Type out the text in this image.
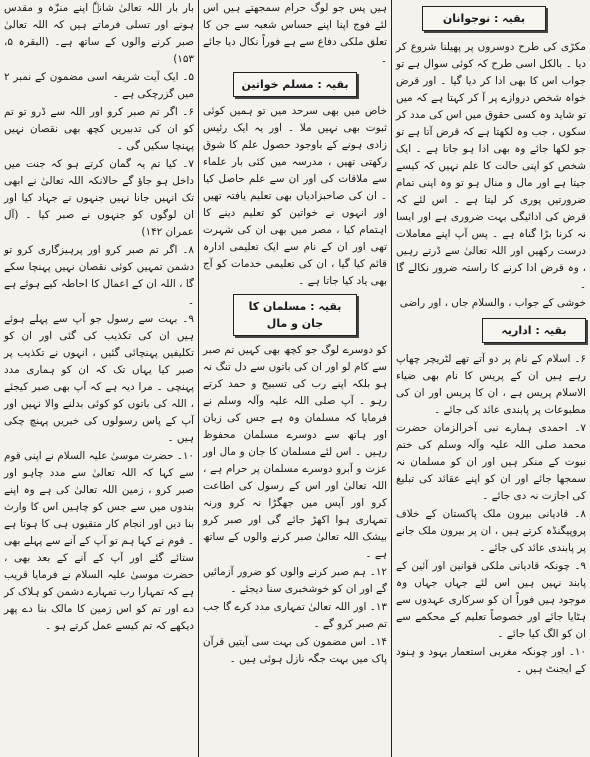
بار بار اللہ تعالیٰ شانہٗ اپنے منزّہ و مقدس ہونے اور تسلی فرماتے ہیں کہ اللہ تعالیٰ صبر کرنے والوں کے ساتھ ہے۔ (البقرہ ۵، ۱۵۳)

۵۔ ایک آیت شریفہ اسی مضمون کے نمبر ۲ میں گزرچکی ہے ۔

۶۔ اگر تم صبر کرو اور اللہ سے ڈرو تو تم کو ان کی تدبیریں کچھ بھی نقصان نہیں پہنچا سکیں گی ۔

۷۔ کیا تم یہ گمان کرتے ہو کہ جنت میں داخل ہو جاؤ گے حالانکہ اللہ تعالیٰ نے ابھی تک انہیں جانا نہیں جنہوں نے جہاد کیا اور ان لوگوں کو جنہوں نے صبر کیا ۔ (آل عمران ۱۴۲)

۸۔ اگر تم صبر کرو اور پرہیزگاری کرو تو دشمن تمہیں کوئی نقصان نہیں پہنچا سکے گا ، اللہ ان کے اعمال کا احاطہ کیے ہوئے ہے ۔

۹۔ بہت سے رسول جو آپ سے پہلے ہوئے ہیں ان کی تکذیب کی گئی اور ان کو تکلیفیں پہنچائی گئیں ، انہوں نے تکذیب پر صبر کیا یہاں تک کہ ان کو ہماری مدد پہنچی ۔ مرا دیہ ہے کہ آپ بھی صبر کیجئے ، اللہ کی باتوں کو کوئی بدلنے والا نہیں اور آپ کے پاس رسولوں کی خبریں پہنچ چکی ہیں ۔

۱۰۔ حضرت موسیٰ علیہ السلام نے اپنی قوم سے کہا کہ اللہ تعالیٰ سے مدد چاہو اور صبر کرو ، زمین اللہ تعالیٰ کی ہے وہ اپنے بندوں میں سے جس کو چاہیں اس کا وارث بنا دیں اور انجام کار متقیوں ہی کا ہوتا ہے ۔ قوم نے کہا ہم تو آپ کے آنے سے پہلے بھی ستائے گئے اور آپ کے آنے کے بعد بھی ، حضرت موسیٰ علیہ السلام نے فرمایا قریب ہے کہ تمہارا رب تمہارے دشمن کو ہلاک کر دے اور تم کو اس زمین کا مالک بنا دے پھر دیکھے کہ تم کیسے عمل کرتے ہو ۔

ہیں پس جو لوگ حرام سمجھتے ہیں اس لئے فوج اپنا اپنے حساس شعبہ سے جن کا تعلق ملکی دفاع سے ہے فوراً نکال دیا جائے ۔

بقیہ : مسلم خواتین

خاص میں بھی سرحد میں تو ہمیں کوئی ثبوت بھی نہیں ملا ۔ اور یہ ایک رئیس زادی ہونے کے باوجود حصول علم کا شوق رکھتی تھیں ، مدرسہ میں کئی بار علماء سے ملاقات کی اور ان سے علم حاصل کیا ۔ ان کی صاحبزادیاں بھی تعلیم یافتہ تھیں اور انہوں نے خواتین کو تعلیم دینے کا اہتمام کیا ، مصر میں بھی ان کی شہرت تھی اور ان کے نام سے ایک تعلیمی ادارہ قائم کیا گیا ، ان کی تعلیمی خدمات کو آج بھی یاد کیا جاتا ہے ۔

بقیہ : مسلمان کا جان و مال

کو دوسرے لوگ جو کچھ بھی کہیں تم صبر سے کام لو اور ان کی باتوں سے دل تنگ نہ ہو بلکہ اپنے رب کی تسبیح و حمد کرتے رہو ۔ آپ صلی اللہ علیہ وآلہ وسلم نے فرمایا کہ مسلمان وہ ہے جس کی زبان اور ہاتھ سے دوسرے مسلمان محفوظ رہیں ۔ اس لئے مسلمان کا جان و مال اور عزت و آبرو دوسرے مسلمان پر حرام ہے ، اللہ تعالیٰ اور اس کے رسول کی اطاعت کرو اور آپس میں جھگڑا نہ کرو ورنہ تمہاری ہوا اکھڑ جائے گی اور صبر کرو بیشک اللہ تعالیٰ صبر کرنے والوں کے ساتھ ہے ۔

۱۲۔ ہم صبر کرنے والوں کو ضرور آزمائیں گے اور ان کو خوشخبری سنا دیجئے ۔

۱۳۔ اور اللہ تعالیٰ تمہاری مدد کرے گا جب تم صبر کرو گے ۔

۱۴۔ اس مضمون کی بہت سی آیتیں قرآن پاک میں بہت جگہ نازل ہوئی ہیں ۔

بقیہ : نوجوانان

مکڑی کی طرح دوسروں پر پھیلنا شروع کر دیا ۔ بالکل اسی طرح کہ کوئی سوال ہے تو جواب اس کا بھی ادا کر دیا گیا ۔ اور قرض خواہ شخص دروازے پر آ کر کہتا ہے کہ میں تو شاید وہ کسی حقوق میں اس کی مدد کر سکوں ، جب وہ لکھتا ہے کہ قرض آتا ہے تو جو لکھا جائے وہ بھی ادا ہو جاتا ہے ۔ ایک شخص کو اپنی حالت کا علم نہیں کہ کیسے جیتا ہے اور مال و منال ہو تو وہ اپنی تمام ضرورتیں پوری کر لیتا ہے ۔ اس لئے کہ قرض کی ادائیگی بہت ضروری ہے اور ایسا نہ کرنا بڑا گناہ ہے ۔ پس آپ اپنے معاملات درست رکھیں اور اللہ تعالیٰ سے ڈرتے رہیں ، وہ قرض ادا کرنے کا راستہ ضرور نکالے گا ۔

خوشی کے جواب ، والسلام جاں ، اور راضی

بقیہ : اداریہ

۶۔ اسلام کے نام پر دو آتے تھے لٹریچر چھاپ رہے ہیں ان کے پریس کا نام بھی ضیاء الاسلام پریس ہے ، ان کا پریس اور ان کی مطبوعات پر پابندی عائد کی جائے ۔

۷۔ احمدی ہمارے نبی آخرالزمان حضرت محمد صلی اللہ علیہ وآلہ وسلم کی ختم نبوت کے منکر ہیں اور ان کو مسلمان نہ سمجھا جائے اور ان کو اپنے عقائد کی تبلیغ کی اجازت نہ دی جائے ۔

۸۔ قادیانی بیرون ملک پاکستان کے خلاف پروپیگنڈہ کرتے ہیں ، ان پر بیرون ملک جانے پر پابندی عائد کی جائے ۔

۹۔ چونکہ قادیانی ملکی قوانین اور آئین کے پابند نہیں ہیں اس لئے جہاں جہاں وہ موجود ہیں فوراً ان کو سرکاری عہدوں سے ہٹایا جائے اور خصوصاً تعلیم کے محکمے سے ان کو الگ کیا جائے ۔

۱۰۔ اور چونکہ مغربی استعمار یہود و ہنود کے ایجنٹ ہیں ۔
